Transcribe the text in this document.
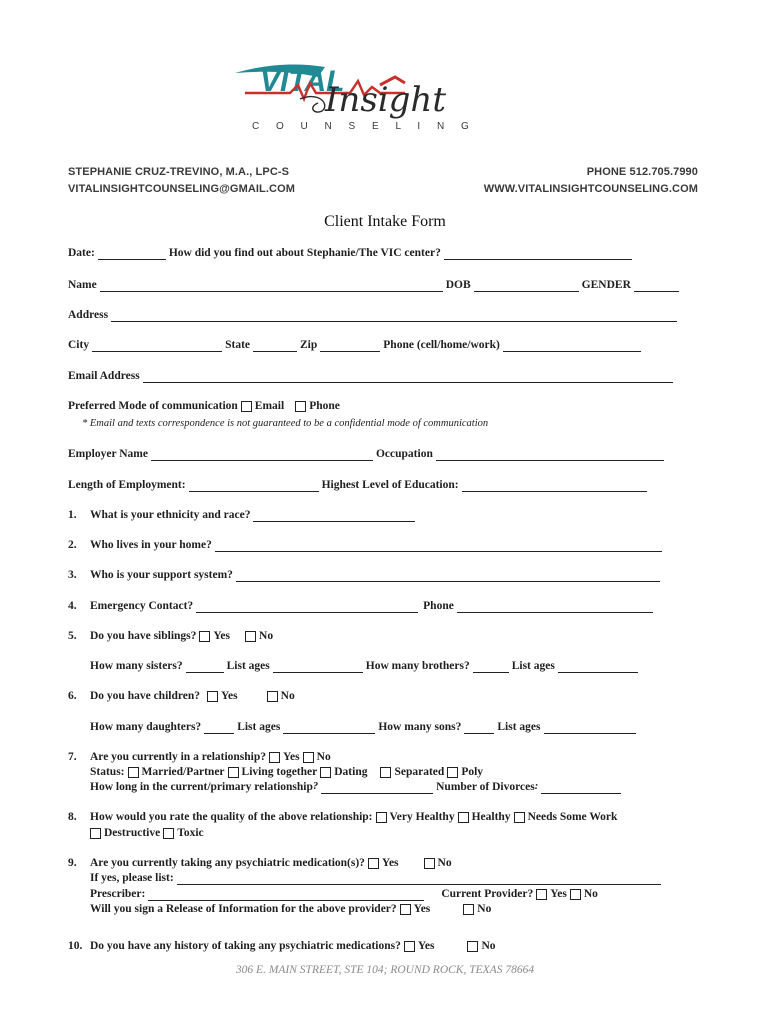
VITAL
Insight
C O U N S E L I N G
STEPHANIE CRUZ-TREVINO, M.A., LPC-S
VITALINSIGHTCOUNSELING@GMAIL.COM
PHONE 512.705.7990
WWW.VITALINSIGHTCOUNSELING.COM
Client Intake Form
Date:	How did you find out about Stephanie/The VIC center?
Name	DOB	GENDER
Address
City	State	Zip	Phone (cell/home/work)
Email Address
Preferred Mode of communication Email Phone
* Email and texts correspondence is not guaranteed to be a confidential mode of communication
Employer Name	Occupation
Length of Employment:	Highest Level of Education:
1.	What is your ethnicity and race?
2.	Who lives in your home?
3.	Who is your support system?
4.	Emergency Contact?	Phone
5.	Do you have siblings? Yes	No
How many sisters?	List ages	How many brothers?	List ages
6.	Do you have children? Yes	No
How many daughters?	List ages	How many sons?	List ages
7.	Are you currently in a relationship? Yes No
Status: Married/Partner Living together Dating Separated Poly
How long in the current/primary relationship ?	Number of Divorces :
8.	How would you rate the quality of the above relationship: Very Healthy Healthy Needs Some Work
Destructive Toxic
9.	Are you currently taking any psychiatric medication(s)? Yes	No
If yes, please list:
Prescriber:	Current Provider? Yes No
Will you sign a Release of Information for the above provider? Yes	No
10. Do you have any history of taking any psychiatric medications? Yes	No
306 E. MAIN STREET, STE 104; ROUND ROCK, TEXAS 78664
